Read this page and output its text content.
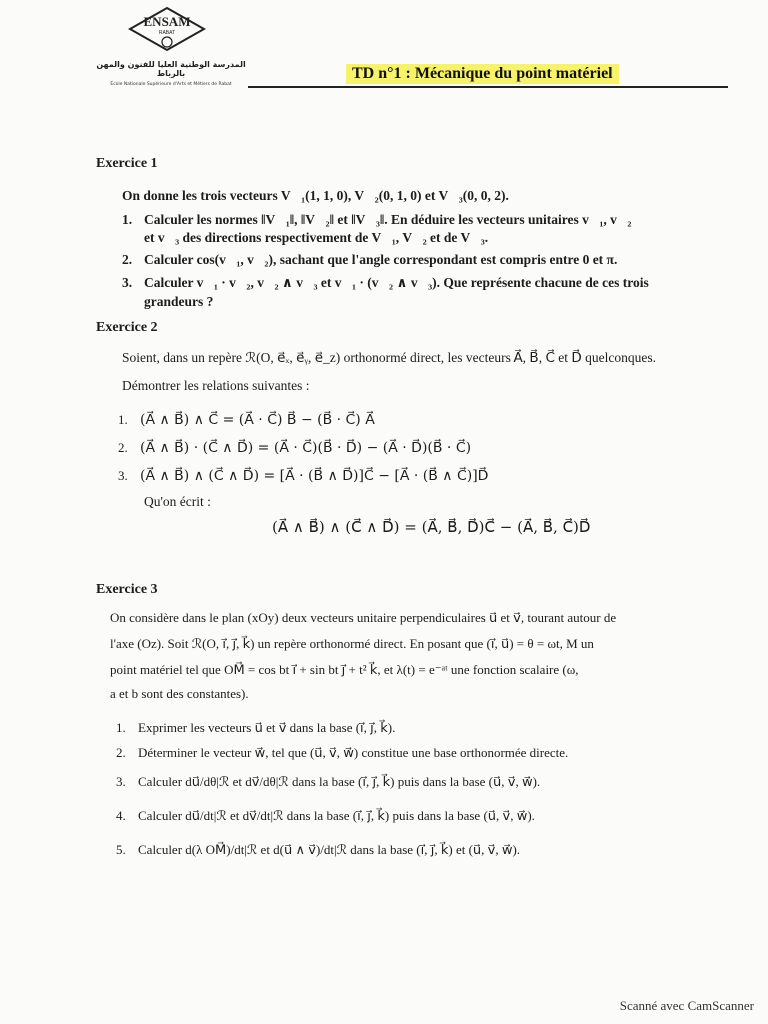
ENSAM
RABAT
المدرسة الوطنية العليا للفنون والمهن بالرباط
École Nationale Supérieure d'Arts et Métiers de Rabat
TD n°1 : Mécanique du point matériel
Exercice 1
On donne les trois vecteurs V⃗₁(1, 1, 0), V⃗₂(0, 1, 0) et V⃗₃(0, 0, 2).
1. Calculer les normes ‖V⃗₁‖, ‖V⃗₂‖ et ‖V⃗₃‖. En déduire les vecteurs unitaires v⃗₁, v⃗₂
et v⃗₃ des directions respectivement de V⃗₁, V⃗₂ et de V⃗₃.
2. Calculer cos(v⃗₁, v⃗₂), sachant que l'angle correspondant est compris entre 0 et π.
3. Calculer v⃗₁ · v⃗₂, v⃗₂ ∧ v⃗₃ et v⃗₁ · (v⃗₂ ∧ v⃗₃). Que représente chacune de ces trois
grandeurs ?
Exercice 2
Soient, dans un repère ℛ(O, e⃗ₓ, e⃗ᵧ, e⃗_z) orthonormé direct, les vecteurs A⃗, B⃗, C⃗ et D⃗ quelconques.
Démontrer les relations suivantes :
1. (A⃗ ∧ B⃗) ∧ C⃗ = (A⃗ · C⃗) B⃗ − (B⃗ · C⃗) A⃗
2. (A⃗ ∧ B⃗) · (C⃗ ∧ D⃗) = (A⃗ · C⃗)(B⃗ · D⃗) − (A⃗ · D⃗)(B⃗ · C⃗)
3. (A⃗ ∧ B⃗) ∧ (C⃗ ∧ D⃗) = [A⃗ · (B⃗ ∧ D⃗)]C⃗ − [A⃗ · (B⃗ ∧ C⃗)]D⃗
Qu'on écrit :
(A⃗ ∧ B⃗) ∧ (C⃗ ∧ D⃗) = (A⃗, B⃗, D⃗)C⃗ − (A⃗, B⃗, C⃗)D⃗
Exercice 3
On considère dans le plan (xOy) deux vecteurs unitaire perpendiculaires u⃗ et v⃗, tourant autour de
l'axe (Oz). Soit ℛ(O, i⃗, j⃗, k⃗) un repère orthonormé direct. En posant que (i⃗, u⃗) = θ = ωt, M un
point matériel tel que OM⃗ = cos bt i⃗ + sin bt j⃗ + t² k⃗, et λ(t) = e⁻ᵃᵗ une fonction scalaire (ω,
a et b sont des constantes).
1. Exprimer les vecteurs u⃗ et v⃗ dans la base (i⃗, j⃗, k⃗).
2. Déterminer le vecteur w⃗, tel que (u⃗, v⃗, w⃗) constitue une base orthonormée directe.
3. Calculer du⃗/dθ|ℛ et dv⃗/dθ|ℛ dans la base (i⃗, j⃗, k⃗) puis dans la base (u⃗, v⃗, w⃗).
4. Calculer du⃗/dt|ℛ et dv⃗/dt|ℛ dans la base (i⃗, j⃗, k⃗) puis dans la base (u⃗, v⃗, w⃗).
5. Calculer d(λ OM⃗)/dt|ℛ et d(u⃗ ∧ v⃗)/dt|ℛ dans la base (i⃗, j⃗, k⃗) et (u⃗, v⃗, w⃗).
Scanné avec CamScanner
